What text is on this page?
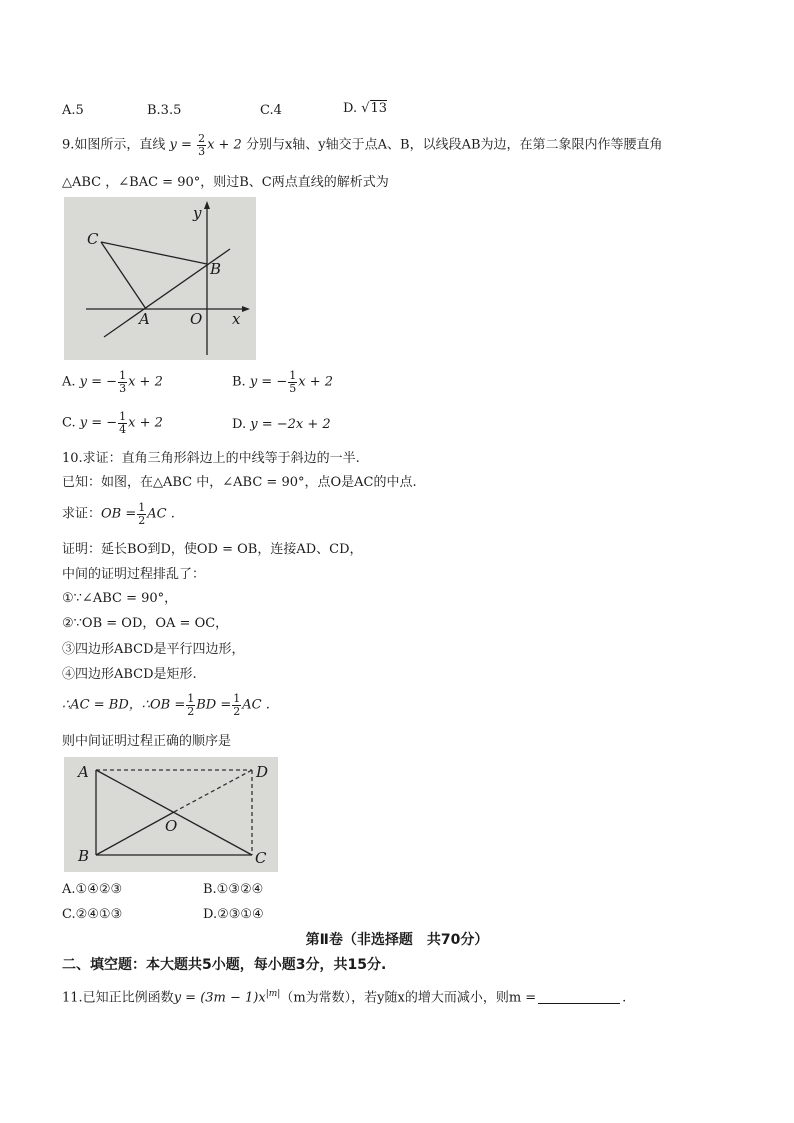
A.5	B.3.5	C.4	D. √13
9.如图所示，直线 $y = \frac{2}{3}$ x + 2 分别与x轴、y轴交于点A、B，以线段AB为边，在第二象限内作等腰直角
△ABC ，∠BAC = 90°，则过B、C两点直线的解析式为
y
x
C
B
A	O
A. y = − $\frac{1}{3}$ x + 2	B. y = − $\frac{1}{5}$ x + 2
C. y = − $\frac{1}{4}$ x + 2	D. y = −2x + 2
10.求证：直角三角形斜边上的中线等于斜边的一半.
已知：如图，在△ABC 中，∠ABC = 90°，点O是AC的中点.
求证：OB = $\frac{1}{2}$ AC .
证明：延长BO到D，使OD = OB，连接AD、CD，
中间的证明过程排乱了：
①∵∠ABC = 90°，
②∵OB = OD，OA = OC，
③四边形ABCD是平行四边形，
④四边形ABCD是矩形.
∴AC = BD，∴OB = $\frac{1}{2}$ BD = $\frac{1}{2}$ AC .
则中间证明过程正确的顺序是
A	D
O
B	C
A.①④②③	B.①③②④
C.②④①③	D.②③①④
第Ⅱ卷（非选择题　共70分）
二、填空题：本大题共5小题，每小题3分，共15分.
11.已知正比例函数$y = (3m - 1)x^{|m|}(m$为常数），若y随x的增大而减小，则m =	.
